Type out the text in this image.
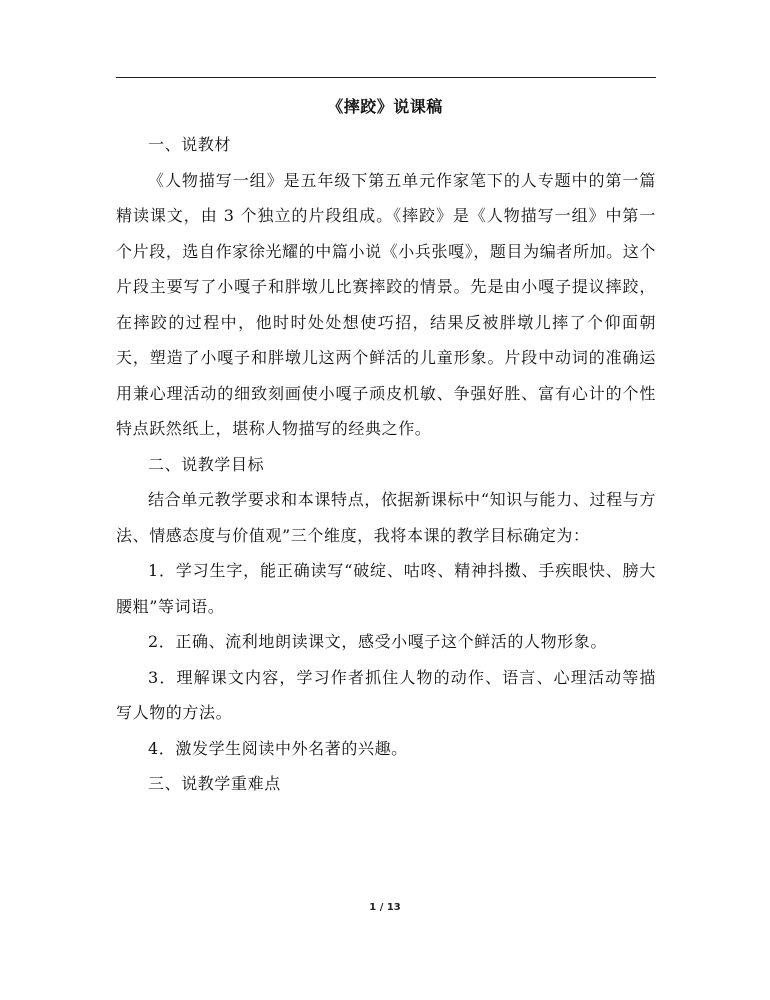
《摔跤》说课稿

一、说教材

《人物描写一组》是五年级下第五单元作家笔下的人专题中的第一篇精读课文，由 3 个独立的片段组成。《摔跤》是《人物描写一组》中第一个片段，选自作家徐光耀的中篇小说《小兵张嘎》，题目为编者所加。这个片段主要写了小嘎子和胖墩儿比赛摔跤的情景。先是由小嘎子提议摔跤，在摔跤的过程中，他时时处处想使巧招，结果反被胖墩儿摔了个仰面朝天，塑造了小嘎子和胖墩儿这两个鲜活的儿童形象。片段中动词的准确运用兼心理活动的细致刻画使小嘎子顽皮机敏、争强好胜、富有心计的个性特点跃然纸上，堪称人物描写的经典之作。

二、说教学目标

结合单元教学要求和本课特点，依据新课标中“知识与能力、过程与方法、情感态度与价值观”三个维度，我将本课的教学目标确定为：

1．学习生字，能正确读写“破绽、咕咚、精神抖擞、手疾眼快、膀大腰粗”等词语。

2．正确、流利地朗读课文，感受小嘎子这个鲜活的人物形象。

3．理解课文内容，学习作者抓住人物的动作、语言、心理活动等描写人物的方法。

4．激发学生阅读中外名著的兴趣。

三、说教学重难点

1 / 13
